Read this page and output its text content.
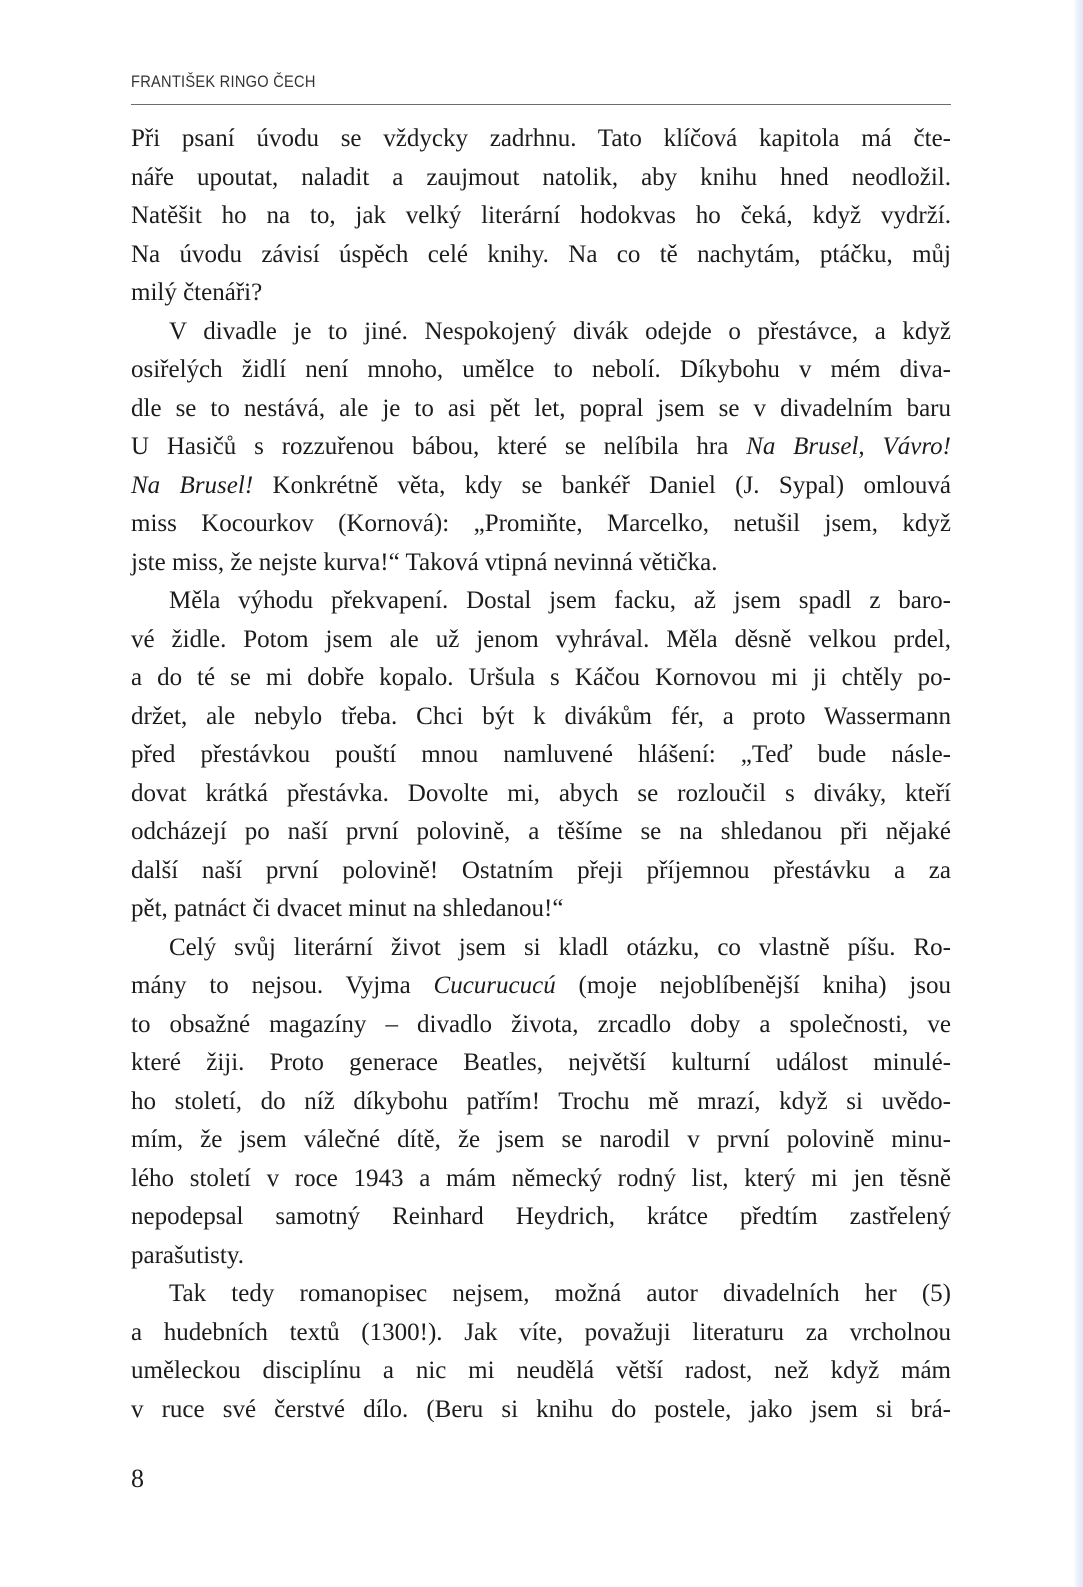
FRANTIŠEK RINGO ČECH
Při psaní úvodu se vždycky zadrhnu. Tato klíčová kapitola má čte-
náře upoutat, naladit a zaujmout natolik, aby knihu hned neodložil.
Natěšit ho na to, jak velký literární hodokvas ho čeká, když vydrží.
Na úvodu závisí úspěch celé knihy. Na co tě nachytám, ptáčku, můj
milý čtenáři?
V divadle je to jiné. Nespokojený divák odejde o přestávce, a když
osiřelých židlí není mnoho, umělce to nebolí. Díkybohu v mém diva-
dle se to nestává, ale je to asi pět let, popral jsem se v divadelním baru
U Hasičů s rozzuřenou bábou, které se nelíbila hra Na Brusel, Vávro!
Na Brusel! Konkrétně věta, kdy se bankéř Daniel (J. Sypal) omlouvá
miss Kocourkov (Kornová): „Promiňte, Marcelko, netušil jsem, když
jste miss, že nejste kurva!“ Taková vtipná nevinná větička.
Měla výhodu překvapení. Dostal jsem facku, až jsem spadl z baro-
vé židle. Potom jsem ale už jenom vyhrával. Měla děsně velkou prdel,
a do té se mi dobře kopalo. Uršula s Káčou Kornovou mi ji chtěly po-
držet, ale nebylo třeba. Chci být k divákům fér, a proto Wassermann
před přestávkou pouští mnou namluvené hlášení: „Teď bude násle-
dovat krátká přestávka. Dovolte mi, abych se rozloučil s diváky, kteří
odcházejí po naší první polovině, a těšíme se na shledanou při nějaké
další naší první polovině! Ostatním přeji příjemnou přestávku a za
pět, patnáct či dvacet minut na shledanou!“
Celý svůj literární život jsem si kladl otázku, co vlastně píšu. Ro-
mány to nejsou. Vyjma Cucurucucú (moje nejoblíbenější kniha) jsou
to obsažné magazíny – divadlo života, zrcadlo doby a společnosti, ve
které žiji. Proto generace Beatles, největší kulturní událost minulé-
ho století, do níž díkybohu patřím! Trochu mě mrazí, když si uvědo-
mím, že jsem válečné dítě, že jsem se narodil v první polovině minu-
lého století v roce 1943 a mám německý rodný list, který mi jen těsně
nepodepsal samotný Reinhard Heydrich, krátce předtím zastřelený
parašutisty.
Tak tedy romanopisec nejsem, možná autor divadelních her (5)
a hudebních textů (1300!). Jak víte, považuji literaturu za vrcholnou
uměleckou disciplínu a nic mi neudělá větší radost, než když mám
v ruce své čerstvé dílo. (Beru si knihu do postele, jako jsem si brá-
8
